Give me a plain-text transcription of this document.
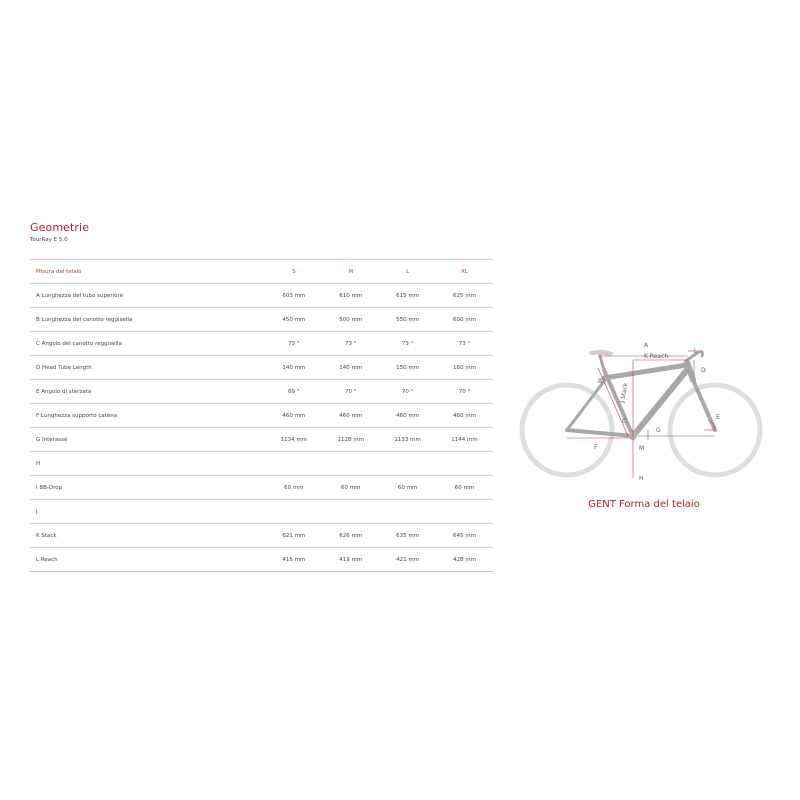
Geometrie
TourRay E 5.0
Misura del telaio	S	M	L	XL
A Lunghezza del tubo superiore	603 mm	610 mm	615 mm	625 mm
B Lunghezza del canotto reggisella	450 mm	500 mm	550 mm	600 mm
C Angolo del canotto reggisella	73 °	73 °	73 °	73 °
D Head Tube Length	140 mm	140 mm	150 mm	160 mm
E Angolo di sterzata	69 °	70 °	70 °	70 °
F Lunghezza supporto catena	460 mm	460 mm	460 mm	460 mm
G Interasse	1134 mm	1128 mm	1133 mm	1144 mm
H				
I BB-Drop	60 mm	60 mm	60 mm	60 mm
J				
K Stack	621 mm	626 mm	635 mm	645 mm
L Reach	415 mm	419 mm	421 mm	428 mm
A
K Reach
L
D
B
J Stack
C
E
G
M
F
H
GENT Forma del telaio
